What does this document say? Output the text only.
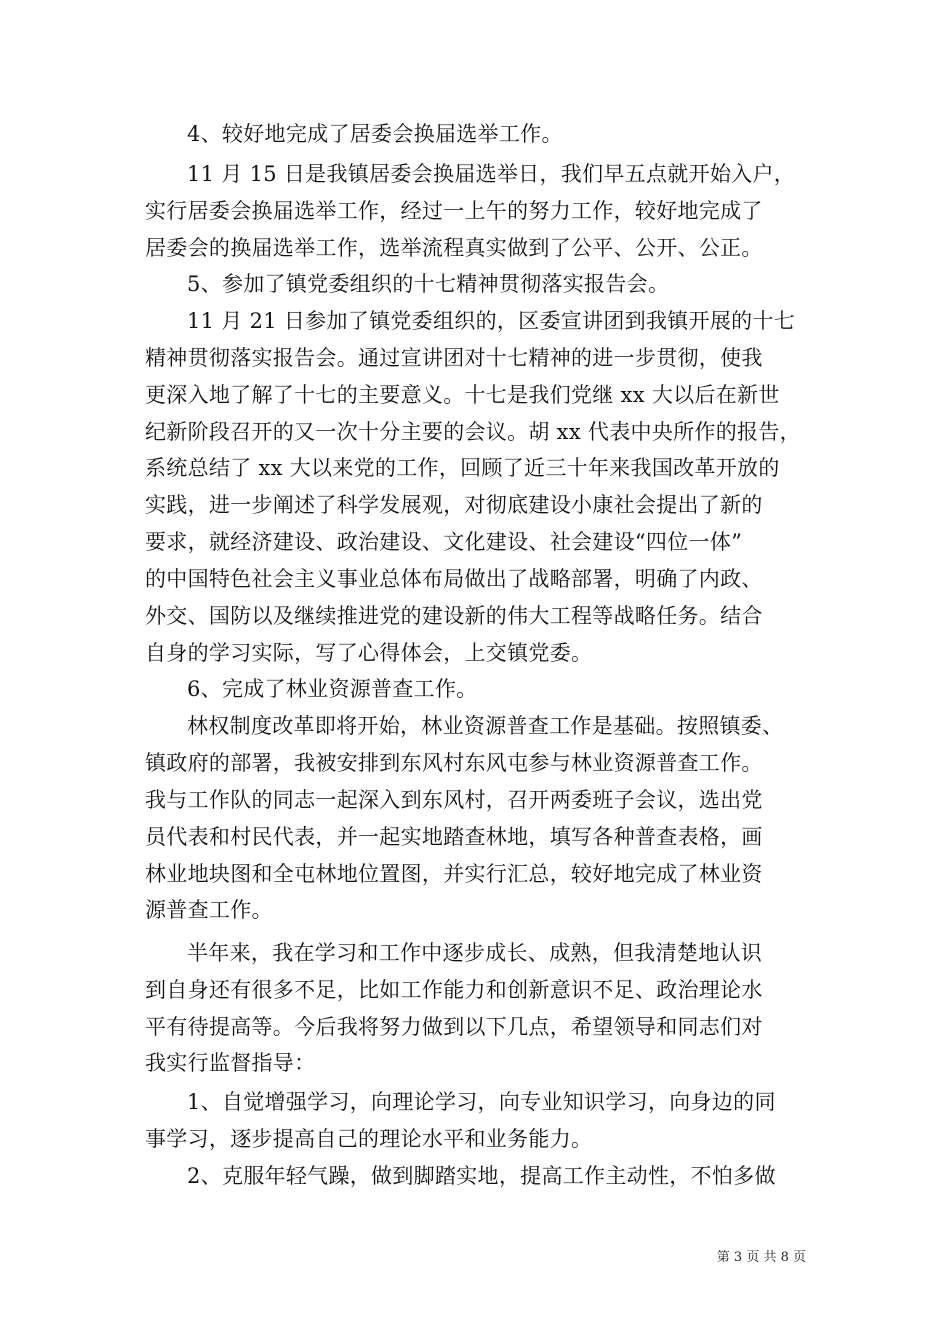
4、较好地完成了居委会换届选举工作。
11 月 15 日是我镇居委会换届选举日，我们早五点就开始入户，
实行居委会换届选举工作，经过一上午的努力工作，较好地完成了
居委会的换届选举工作，选举流程真实做到了公平、公开、公正。
5、参加了镇党委组织的十七精神贯彻落实报告会。
11 月 21 日参加了镇党委组织的，区委宣讲团到我镇开展的十七
精神贯彻落实报告会。通过宣讲团对十七精神的进一步贯彻，使我
更深入地了解了十七的主要意义。十七是我们党继 xx 大以后在新世
纪新阶段召开的又一次十分主要的会议。胡 xx 代表中央所作的报告，
系统总结了 xx 大以来党的工作，回顾了近三十年来我国改革开放的
实践，进一步阐述了科学发展观，对彻底建设小康社会提出了新的
要求，就经济建设、政治建设、文化建设、社会建设“四位一体”
的中国特色社会主义事业总体布局做出了战略部署，明确了内政、
外交、国防以及继续推进党的建设新的伟大工程等战略任务。结合
自身的学习实际，写了心得体会，上交镇党委。
6、完成了林业资源普查工作。
林权制度改革即将开始，林业资源普查工作是基础。按照镇委、
镇政府的部署，我被安排到东风村东风屯参与林业资源普查工作。
我与工作队的同志一起深入到东风村，召开两委班子会议，选出党
员代表和村民代表，并一起实地踏查林地，填写各种普查表格，画
林业地块图和全屯林地位置图，并实行汇总，较好地完成了林业资
源普查工作。
半年来，我在学习和工作中逐步成长、成熟，但我清楚地认识
到自身还有很多不足，比如工作能力和创新意识不足、政治理论水
平有待提高等。今后我将努力做到以下几点，希望领导和同志们对
我实行监督指导：
1、自觉增强学习，向理论学习，向专业知识学习，向身边的同
事学习，逐步提高自己的理论水平和业务能力。
2、克服年轻气躁，做到脚踏实地，提高工作主动性，不怕多做
第 3 页 共 8 页
